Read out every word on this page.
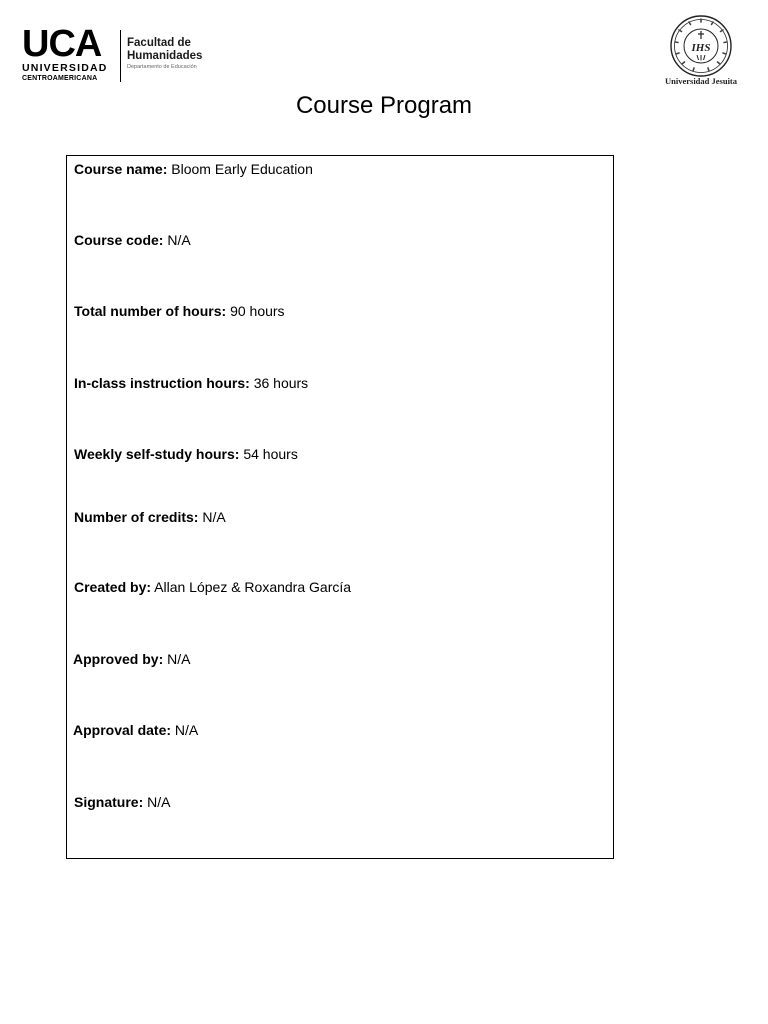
UCA
UNIVERSIDAD
CENTROAMERICANA
Facultad de
Humanidades
Departamento de Educación
IHS
Universidad Jesuita
Course Program
Course name: Bloom Early Education
Course code: N/A
Total number of hours: 90 hours
In-class instruction hours: 36 hours
Weekly self-study hours: 54 hours
Number of credits: N/A
Created by: Allan López & Roxandra García
Approved by: N/A
Approval date: N/A
Signature: N/A
